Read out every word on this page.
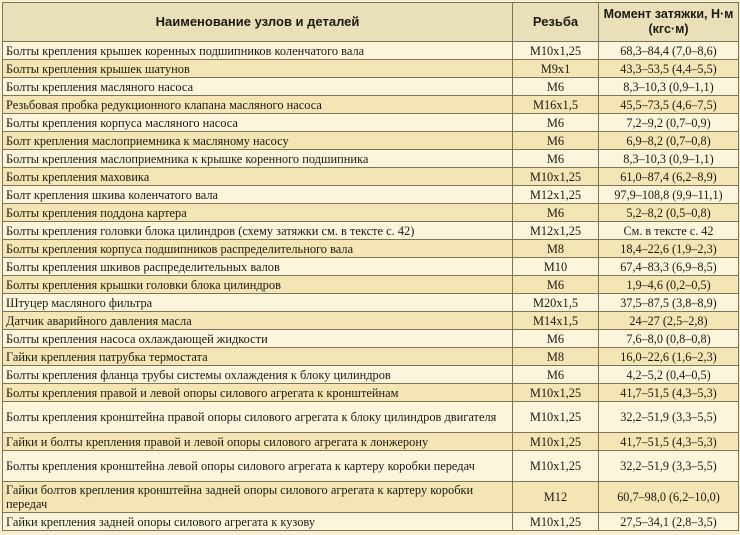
Наименование узлов и деталей	Резьба	Момент затяжки, Н·м
(кгс·м)
Болты крепления крышек коренных подшипников коленчатого вала	M10x1,25	68,3–84,4 (7,0–8,6)
Болты крепления крышек шатунов	M9x1	43,3–53,5 (4,4–5,5)
Болты крепления масляного насоса	M6	8,3–10,3 (0,9–1,1)
Резьбовая пробка редукционного клапана масляного насоса	M16x1,5	45,5–73,5 (4,6–7,5)
Болты крепления корпуса масляного насоса	M6	7,2–9,2 (0,7–0,9)
Болт крепления маслоприемника к масляному насосу	M6	6,9–8,2 (0,7–0,8)
Болты крепления маслоприемника к крышке коренного подшипника	M6	8,3–10,3 (0,9–1,1)
Болты крепления маховика	M10x1,25	61,0–87,4 (6,2–8,9)
Болт крепления шкива коленчатого вала	M12x1,25	97,9–108,8 (9,9–11,1)
Болты крепления поддона картера	M6	5,2–8,2 (0,5–0,8)
Болты крепления головки блока цилиндров (схему затяжки см. в тексте с. 42)	M12x1,25	См. в тексте с. 42
Болты крепления корпуса подшипников распределительного вала	M8	18,4–22,6 (1,9–2,3)
Болты крепления шкивов распределительных валов	M10	67,4–83,3 (6,9–8,5)
Болты крепления крышки головки блока цилиндров	M6	1,9–4,6 (0,2–0,5)
Штуцер масляного фильтра	M20x1,5	37,5–87,5 (3,8–8,9)
Датчик аварийного давления масла	M14x1,5	24–27 (2,5–2,8)
Болты крепления насоса охлаждающей жидкости	M6	7,6–8,0 (0,8–0,8)
Гайки крепления патрубка термостата	M8	16,0–22,6 (1,6–2,3)
Болты крепления фланца трубы системы охлаждения к блоку цилиндров	M6	4,2–5,2 (0,4–0,5)
Болты крепления правой и левой опоры силового агрегата к кронштейнам	M10x1,25	41,7–51,5 (4,3–5,3)
Болты крепления кронштейна правой опоры силового агрегата к блоку цилиндров двигателя	M10x1,25	32,2–51,9 (3,3–5,5)
Гайки и болты крепления правой и левой опоры силового агрегата к лонжерону	M10x1,25	41,7–51,5 (4,3–5,3)
Болты крепления кронштейна левой опоры силового агрегата к картеру коробки передач	M10x1,25	32,2–51,9 (3,3–5,5)
Гайки болтов крепления кронштейна задней опоры силового агрегата к картеру коробки передач	M12	60,7–98,0 (6,2–10,0)
Гайки крепления задней опоры силового агрегата к кузову	M10x1,25	27,5–34,1 (2,8–3,5)
